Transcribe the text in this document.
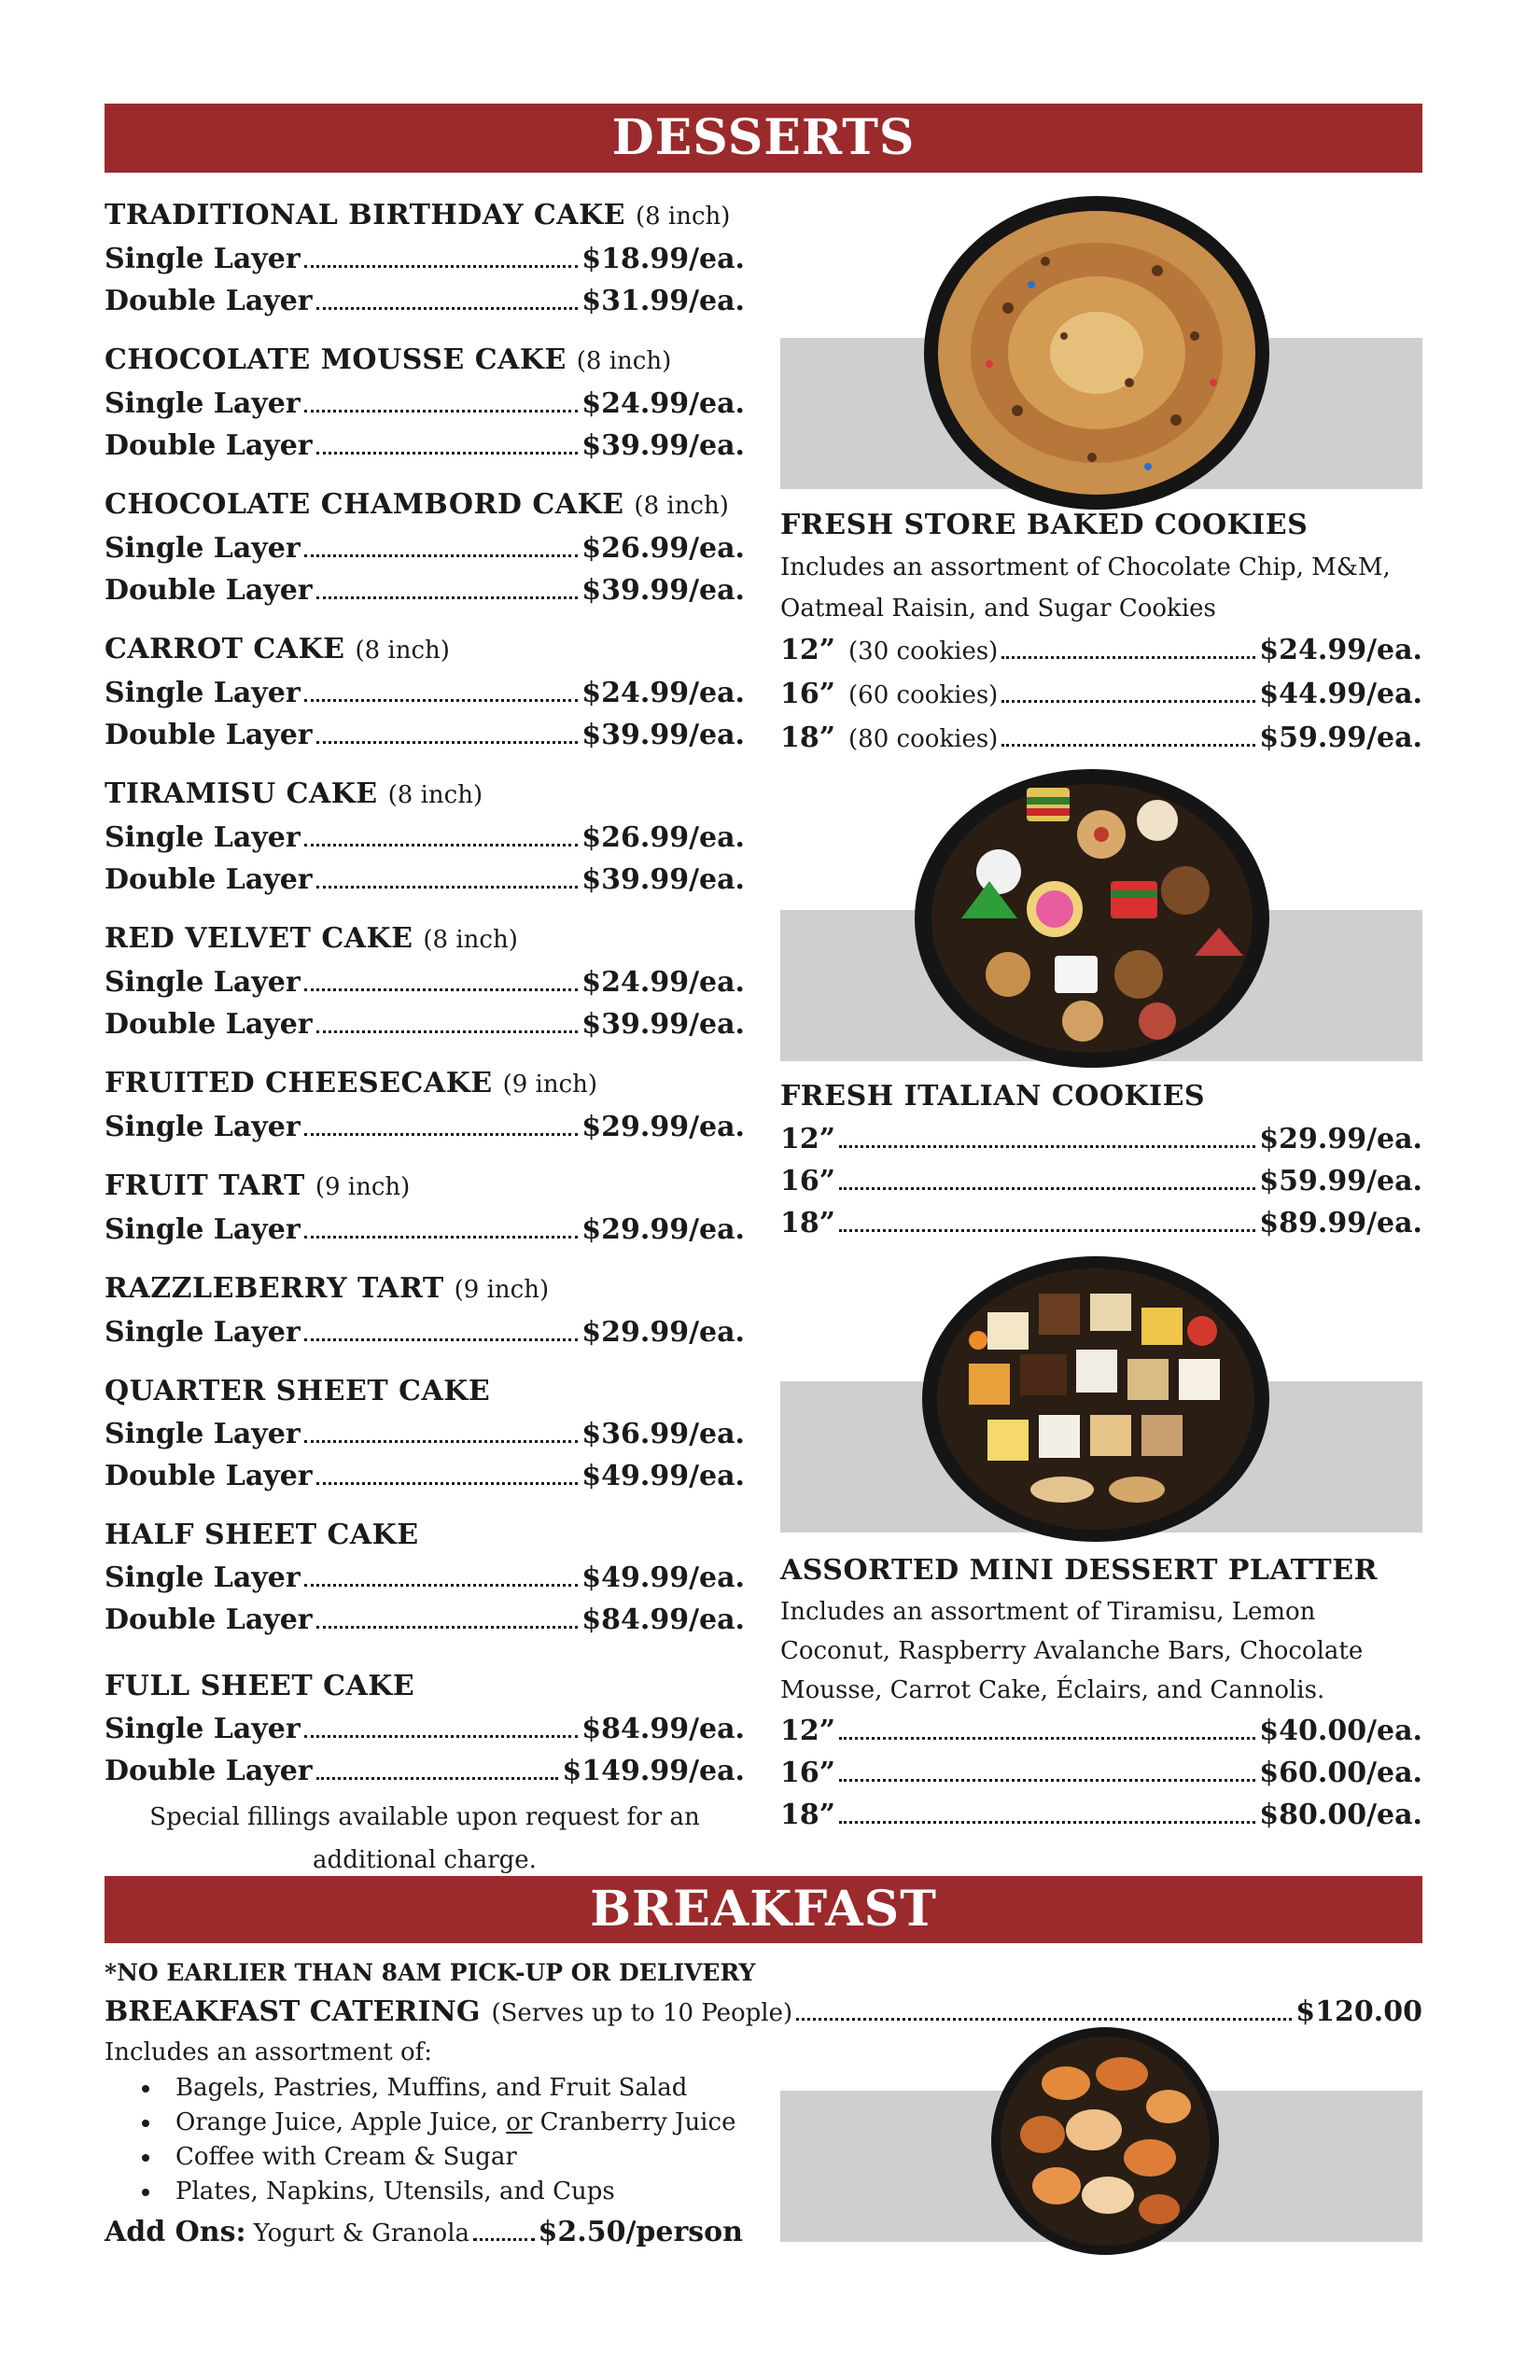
DESSERTS
TRADITIONAL BIRTHDAY CAKE (8 inch)
Single Layer	$18.99/ea.
Double Layer	$31.99/ea.
CHOCOLATE MOUSSE CAKE (8 inch)
Single Layer	$24.99/ea.
Double Layer	$39.99/ea.
CHOCOLATE CHAMBORD CAKE (8 inch)
Single Layer	$26.99/ea.
Double Layer	$39.99/ea.
CARROT CAKE (8 inch)
Single Layer	$24.99/ea.
Double Layer	$39.99/ea.
TIRAMISU CAKE (8 inch)
Single Layer	$26.99/ea.
Double Layer	$39.99/ea.
RED VELVET CAKE (8 inch)
Single Layer	$24.99/ea.
Double Layer	$39.99/ea.
FRUITED CHEESECAKE (9 inch)
Single Layer	$29.99/ea.
FRUIT TART (9 inch)
Single Layer	$29.99/ea.
RAZZLEBERRY TART (9 inch)
Single Layer	$29.99/ea.
QUARTER SHEET CAKE
Single Layer	$36.99/ea.
Double Layer	$49.99/ea.
HALF SHEET CAKE
Single Layer	$49.99/ea.
Double Layer	$84.99/ea.
FULL SHEET CAKE
Single Layer	$84.99/ea.
Double Layer	$149.99/ea.
Special fillings available upon request for an additional charge.
FRESH STORE BAKED COOKIES
Includes an assortment of Chocolate Chip, M&M, Oatmeal Raisin, and Sugar Cookies
12” (30 cookies)	$24.99/ea.
16” (60 cookies)	$44.99/ea.
18” (80 cookies)	$59.99/ea.
FRESH ITALIAN COOKIES
12”	$29.99/ea.
16”	$59.99/ea.
18”	$89.99/ea.
ASSORTED MINI DESSERT PLATTER
Includes an assortment of Tiramisu, Lemon Coconut, Raspberry Avalanche Bars, Chocolate Mousse, Carrot Cake, Éclairs, and Cannolis.
12”	$40.00/ea.
16”	$60.00/ea.
18”	$80.00/ea.
BREAKFAST
*NO EARLIER THAN 8AM PICK-UP OR DELIVERY
BREAKFAST CATERING (Serves up to 10 People)	$120.00
Includes an assortment of:
• Bagels, Pastries, Muffins, and Fruit Salad
• Orange Juice, Apple Juice, or Cranberry Juice
• Coffee with Cream & Sugar
• Plates, Napkins, Utensils, and Cups
Add Ons: Yogurt & Granola $2.50/person
